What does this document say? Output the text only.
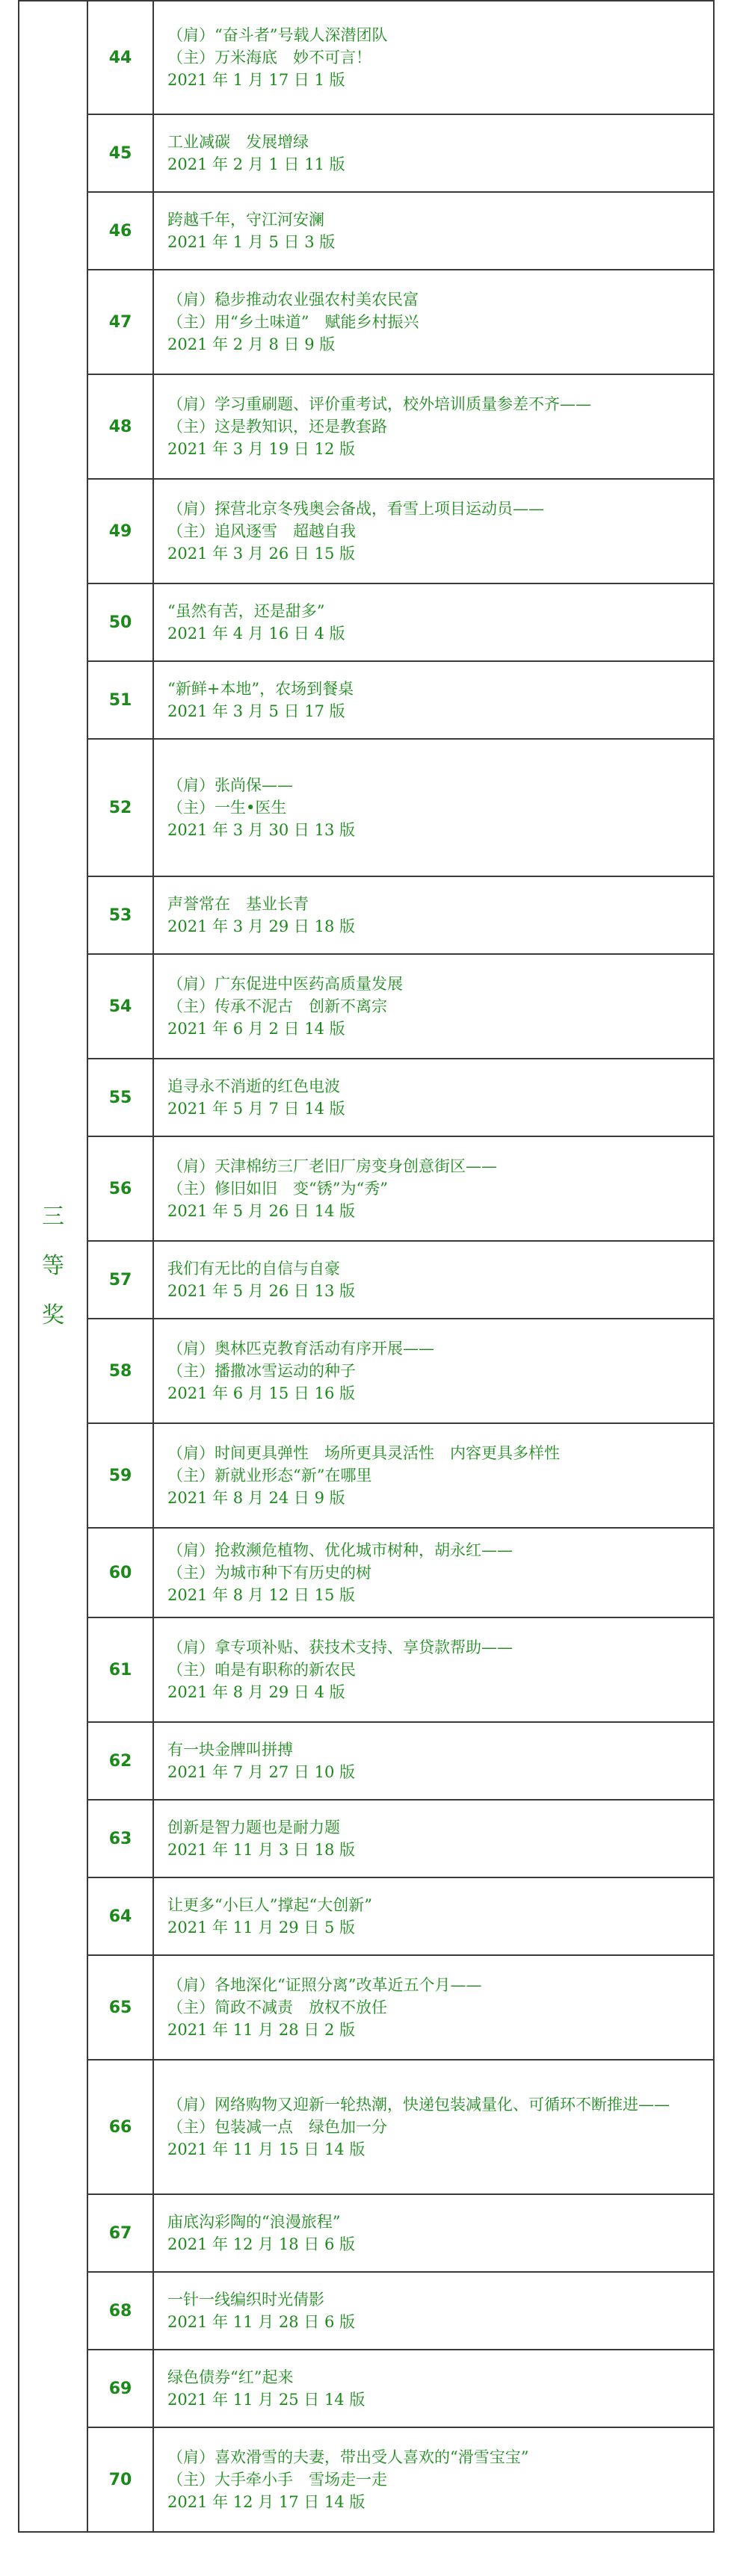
三
等
奖	44	（肩）“奋斗者”号载人深潜团队
（主）万米海底　妙不可言！
2021 年 1 月 17 日 1 版

	45	工业减碳　发展增绿
2021 年 2 月 1 日 11 版

	46	跨越千年，守江河安澜
2021 年 1 月 5 日 3 版

	47	（肩）稳步推动农业强农村美农民富
（主）用“乡土味道”　赋能乡村振兴
2021 年 2 月 8 日 9 版

	48	（肩）学习重刷题、评价重考试，校外培训质量参差不齐——
（主）这是教知识，还是教套路
2021 年 3 月 19 日 12 版

	49	（肩）探营北京冬残奥会备战，看雪上项目运动员——
（主）追风逐雪　超越自我
2021 年 3 月 26 日 15 版

	50	“虽然有苦，还是甜多”
2021 年 4 月 16 日 4 版

	51	“新鲜+本地”，农场到餐桌
2021 年 3 月 5 日 17 版

	52	（肩）张尚保——
（主）一生•医生
2021 年 3 月 30 日 13 版

	53	声誉常在　基业长青
2021 年 3 月 29 日 18 版

	54	（肩）广东促进中医药高质量发展
（主）传承不泥古　创新不离宗
2021 年 6 月 2 日 14 版

	55	追寻永不消逝的红色电波
2021 年 5 月 7 日 14 版

	56	（肩）天津棉纺三厂老旧厂房变身创意街区——
（主）修旧如旧　变“锈”为“秀”
2021 年 5 月 26 日 14 版

	57	我们有无比的自信与自豪
2021 年 5 月 26 日 13 版

	58	（肩）奥林匹克教育活动有序开展——
（主）播撒冰雪运动的种子
2021 年 6 月 15 日 16 版

	59	（肩）时间更具弹性　场所更具灵活性　内容更具多样性
（主）新就业形态“新”在哪里
2021 年 8 月 24 日 9 版

	60	（肩）抢救濒危植物、优化城市树种，胡永红——
（主）为城市种下有历史的树
2021 年 8 月 12 日 15 版

	61	（肩）拿专项补贴、获技术支持、享贷款帮助——
（主）咱是有职称的新农民
2021 年 8 月 29 日 4 版

	62	有一块金牌叫拼搏
2021 年 7 月 27 日 10 版

	63	创新是智力题也是耐力题
2021 年 11 月 3 日 18 版

	64	让更多“小巨人”撑起“大创新”
2021 年 11 月 29 日 5 版

	65	（肩）各地深化“证照分离”改革近五个月——
（主）简政不减责　放权不放任
2021 年 11 月 28 日 2 版

	66	（肩）网络购物又迎新一轮热潮，快递包装减量化、可循环不断推进——
（主）包装减一点　绿色加一分
2021 年 11 月 15 日 14 版

	67	庙底沟彩陶的“浪漫旅程”
2021 年 12 月 18 日 6 版

	68	一针一线编织时光倩影
2021 年 11 月 28 日 6 版

	69	绿色债券“红”起来
2021 年 11 月 25 日 14 版

	70	（肩）喜欢滑雪的夫妻，带出受人喜欢的“滑雪宝宝”
（主）大手牵小手　雪场走一走
2021 年 12 月 17 日 14 版
